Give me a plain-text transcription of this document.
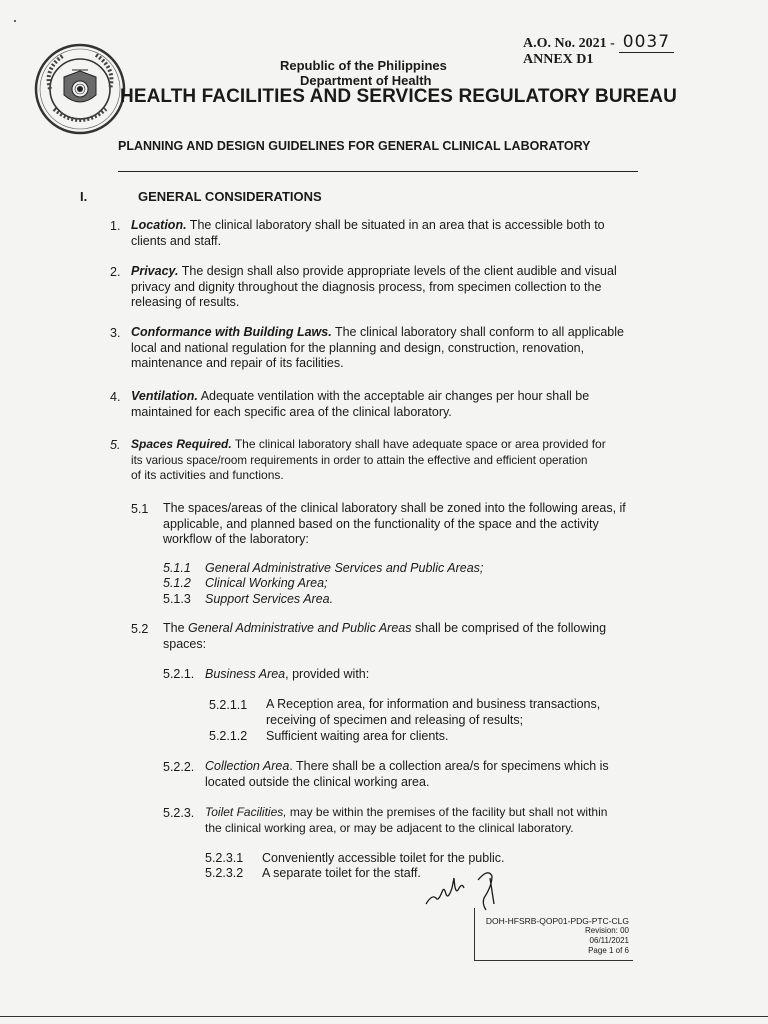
A.O. No. 2021 - 0037
ANNEX D1
Republic of the Philippines
Department of Health
HEALTH FACILITIES AND SERVICES REGULATORY BUREAU
PLANNING AND DESIGN GUIDELINES FOR GENERAL CLINICAL LABORATORY
I.	GENERAL CONSIDERATIONS
1. Location. The clinical laboratory shall be situated in an area that is accessible both to
clients and staff.
2. Privacy. The design shall also provide appropriate levels of the client audible and visual
privacy and dignity throughout the diagnosis process, from specimen collection to the
releasing of results.
3. Conformance with Building Laws. The clinical laboratory shall conform to all applicable
local and national regulation for the planning and design, construction, renovation,
maintenance and repair of its facilities.
4. Ventilation. Adequate ventilation with the acceptable air changes per hour shall be
maintained for each specific area of the clinical laboratory.
5. Spaces Required. The clinical laboratory shall have adequate space or area provided for
its various space/room requirements in order to attain the effective and efficient operation
of its activities and functions.
5.1 The spaces/areas of the clinical laboratory shall be zoned into the following areas, if
applicable, and planned based on the functionality of the space and the activity
workflow of the laboratory:
5.1.1 General Administrative Services and Public Areas;
5.1.2 Clinical Working Area;
5.1.3 Support Services Area.
5.2 The General Administrative and Public Areas shall be comprised of the following
spaces:
5.2.1. Business Area, provided with:
5.2.1.1 A Reception area, for information and business transactions,
receiving of specimen and releasing of results;
5.2.1.2 Sufficient waiting area for clients.
5.2.2. Collection Area. There shall be a collection area/s for specimens which is
located outside the clinical working area.
5.2.3. Toilet Facilities, may be within the premises of the facility but shall not within
the clinical working area, or may be adjacent to the clinical laboratory.
5.2.3.1 Conveniently accessible toilet for the public.
5.2.3.2 A separate toilet for the staff.
DOH-HFSRB-QOP01-PDG-PTC-CLG
Revision: 00
06/11/2021
Page 1 of 6
